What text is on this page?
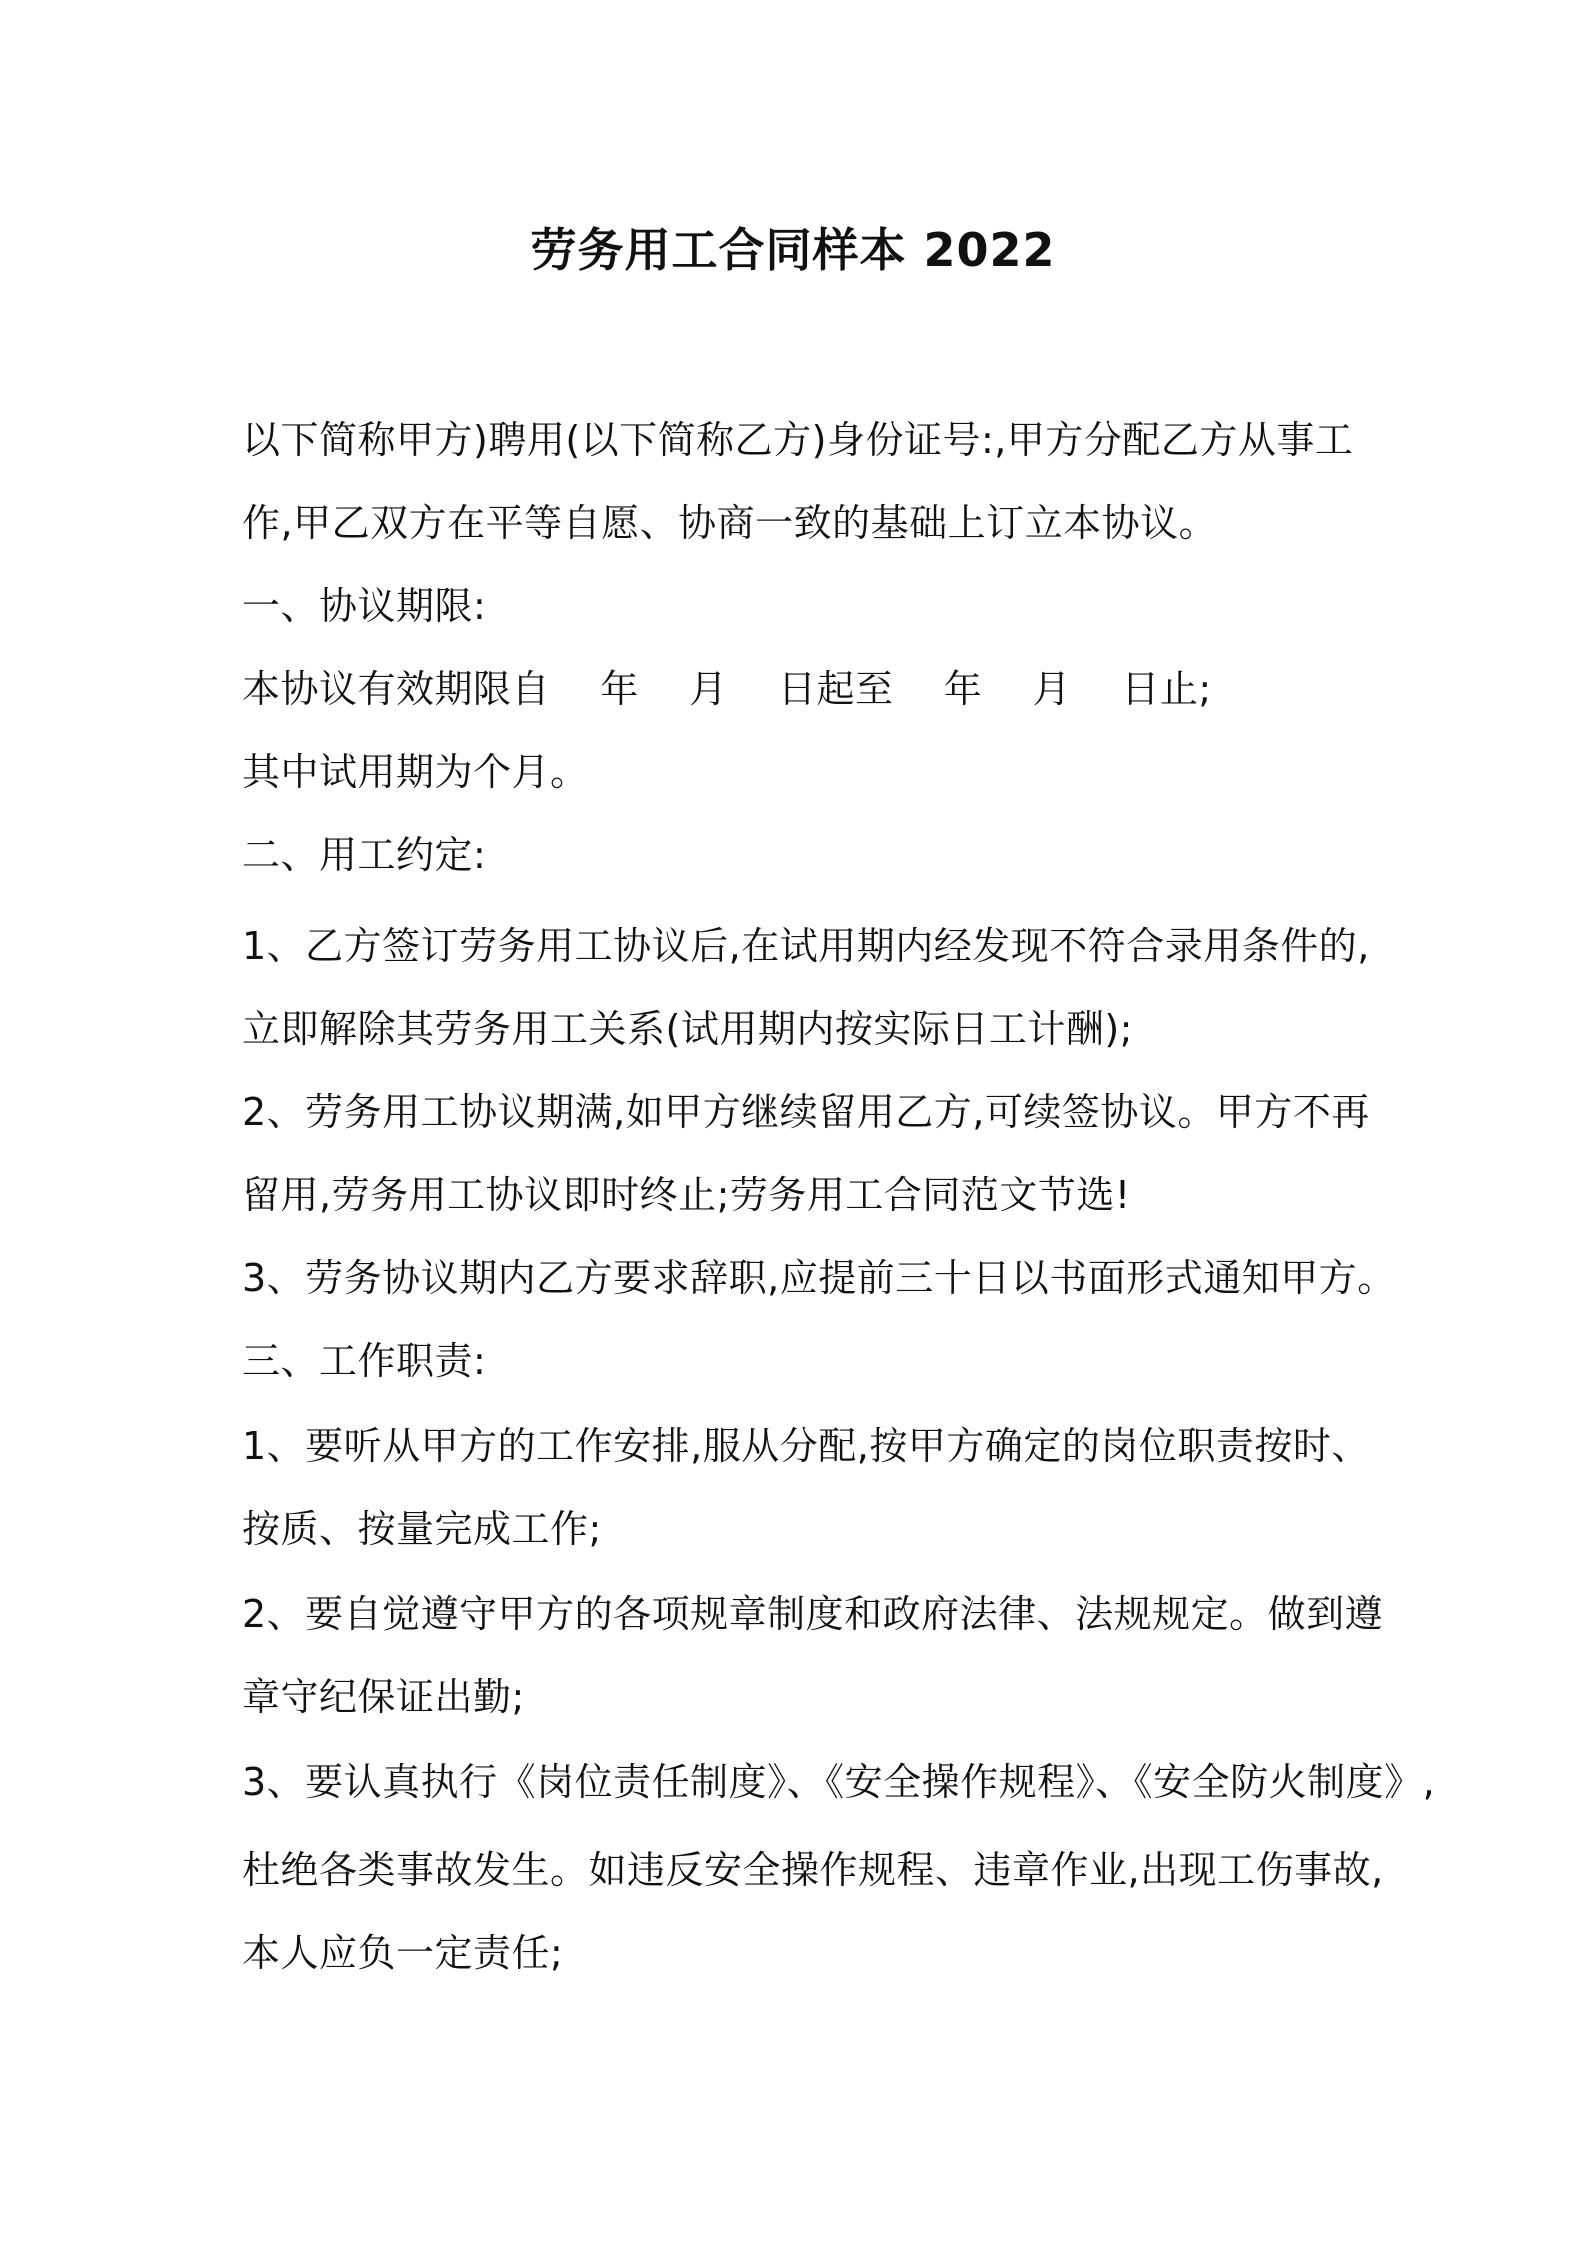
劳务用工合同样本 2022
以下简称甲方)聘用(以下简称乙方)身份证号:,甲方分配乙方从事工
作,甲乙双方在平等自愿、协商一致的基础上订立本协议。
一、协议期限:
本协议有效期限自    年    月    日起至    年    月    日止;
其中试用期为个月。
二、用工约定:
1、乙方签订劳务用工协议后,在试用期内经发现不符合录用条件的,
立即解除其劳务用工关系(试用期内按实际日工计酬);
2、劳务用工协议期满,如甲方继续留用乙方,可续签协议。甲方不再
留用,劳务用工协议即时终止;劳务用工合同范文节选!
3、劳务协议期内乙方要求辞职,应提前三十日以书面形式通知甲方。
三、工作职责:
1、要听从甲方的工作安排,服从分配,按甲方确定的岗位职责按时、
按质、按量完成工作;
2、要自觉遵守甲方的各项规章制度和政府法律、法规规定。做到遵
章守纪保证出勤;
3、要认真执行《岗位责任制度》、《安全操作规程》、《安全防火制度》,
杜绝各类事故发生。如违反安全操作规程、违章作业,出现工伤事故,
本人应负一定责任;
